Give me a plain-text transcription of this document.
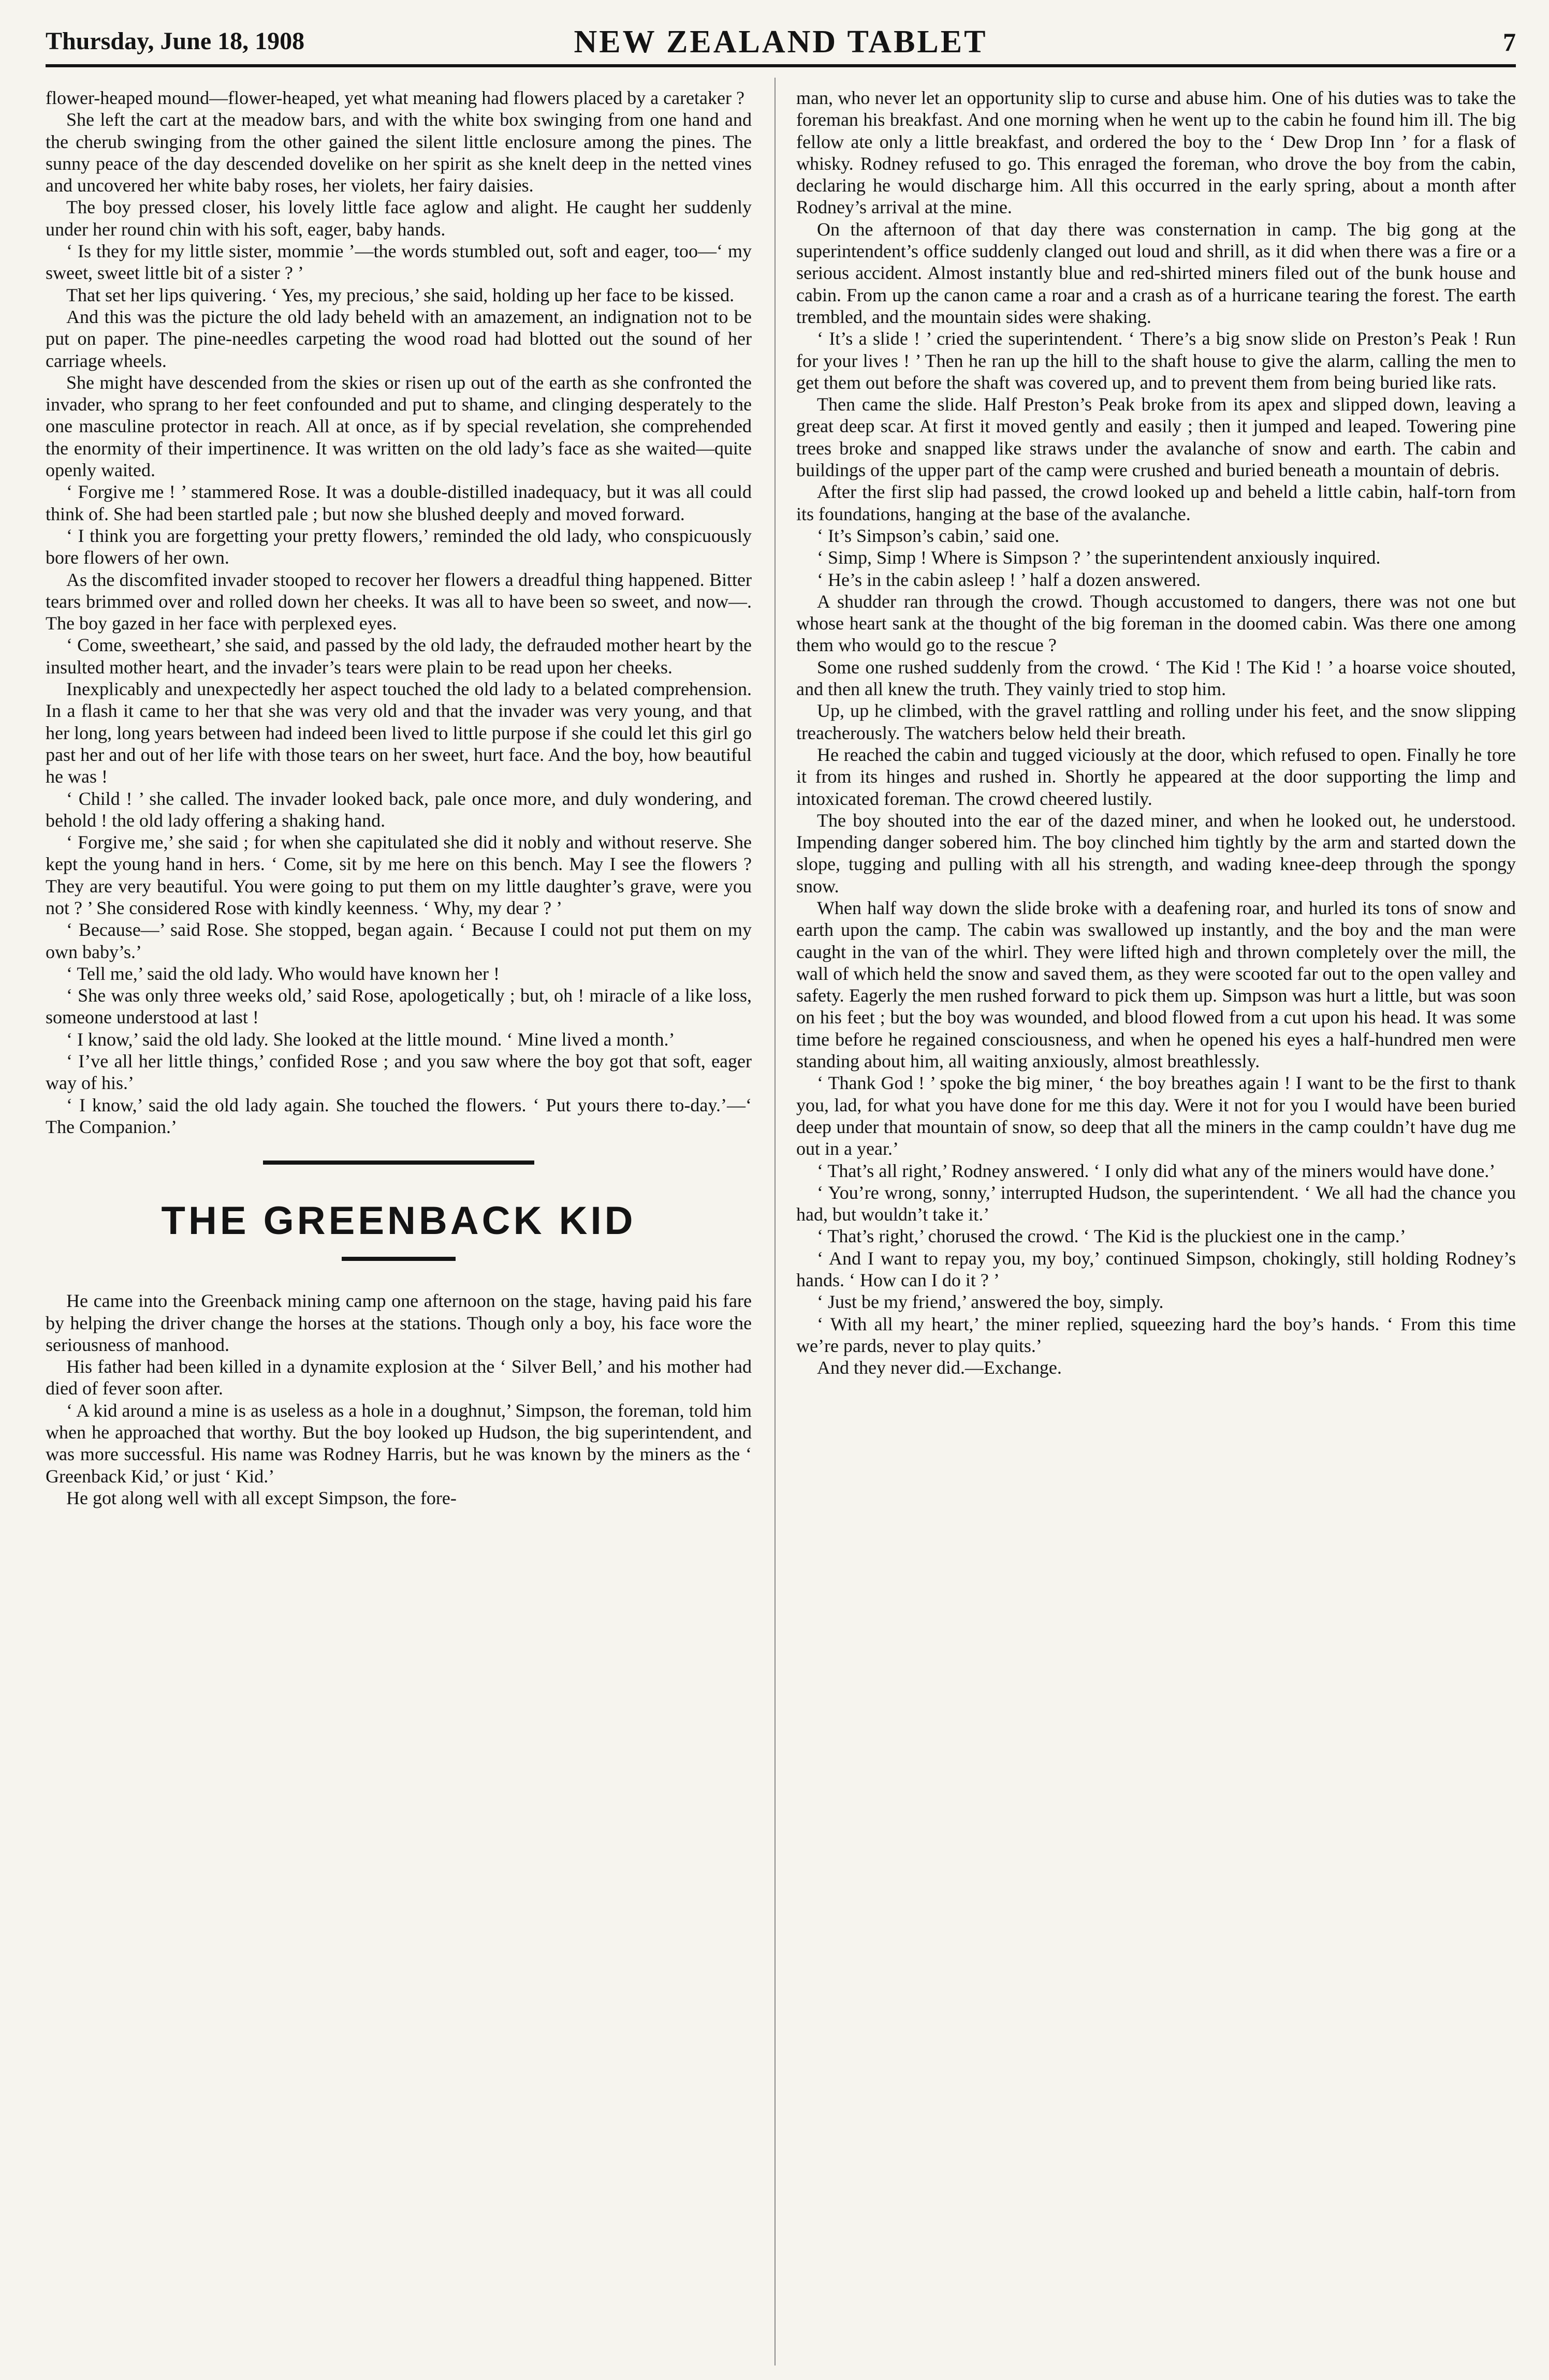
Thursday, June 18, 1908	NEW ZEALAND TABLET	7

flower-heaped mound—flower-heaped, yet what meaning had flowers placed by a caretaker ?

She left the cart at the meadow bars, and with the white box swinging from one hand and the cherub swinging from the other gained the silent little enclosure among the pines. The sunny peace of the day descended dovelike on her spirit as she knelt deep in the netted vines and uncovered her white baby roses, her violets, her fairy daisies.

The boy pressed closer, his lovely little face aglow and alight. He caught her suddenly under her round chin with his soft, eager, baby hands.

‘ Is they for my little sister, mommie ’—the words stumbled out, soft and eager, too—‘ my sweet, sweet little bit of a sister ? ’

That set her lips quivering. ‘ Yes, my precious,’ she said, holding up her face to be kissed.

And this was the picture the old lady beheld with an amazement, an indignation not to be put on paper. The pine-needles carpeting the wood road had blotted out the sound of her carriage wheels.

She might have descended from the skies or risen up out of the earth as she confronted the invader, who sprang to her feet confounded and put to shame, and clinging desperately to the one masculine protector in reach. All at once, as if by special revelation, she comprehended the enormity of their impertinence. It was written on the old lady’s face as she waited—quite openly waited.

‘ Forgive me ! ’ stammered Rose. It was a double-distilled inadequacy, but it was all could think of. She had been startled pale ; but now she blushed deeply and moved forward.

‘ I think you are forgetting your pretty flowers,’ reminded the old lady, who conspicuously bore flowers of her own.

As the discomfited invader stooped to recover her flowers a dreadful thing happened. Bitter tears brimmed over and rolled down her cheeks. It was all to have been so sweet, and now—. The boy gazed in her face with perplexed eyes.

‘ Come, sweetheart,’ she said, and passed by the old lady, the defrauded mother heart by the insulted mother heart, and the invader’s tears were plain to be read upon her cheeks.

Inexplicably and unexpectedly her aspect touched the old lady to a belated comprehension. In a flash it came to her that she was very old and that the invader was very young, and that her long, long years between had indeed been lived to little purpose if she could let this girl go past her and out of her life with those tears on her sweet, hurt face. And the boy, how beautiful he was !

‘ Child ! ’ she called. The invader looked back, pale once more, and duly wondering, and behold ! the old lady offering a shaking hand.

‘ Forgive me,’ she said ; for when she capitulated she did it nobly and without reserve. She kept the young hand in hers. ‘ Come, sit by me here on this bench. May I see the flowers ? They are very beautiful. You were going to put them on my little daughter’s grave, were you not ? ’ She considered Rose with kindly keenness. ‘ Why, my dear ? ’

‘ Because—’ said Rose. She stopped, began again. ‘ Because I could not put them on my own baby’s.’

‘ Tell me,’ said the old lady. Who would have known her !

‘ She was only three weeks old,’ said Rose, apologetically ; but, oh ! miracle of a like loss, someone understood at last !

‘ I know,’ said the old lady. She looked at the little mound. ‘ Mine lived a month.’

‘ I’ve all her little things,’ confided Rose ; and you saw where the boy got that soft, eager way of his.’

‘ I know,’ said the old lady again. She touched the flowers. ‘ Put yours there to-day.’—‘ The Companion.’

THE GREENBACK KID

He came into the Greenback mining camp one afternoon on the stage, having paid his fare by helping the driver change the horses at the stations. Though only a boy, his face wore the seriousness of manhood.

His father had been killed in a dynamite explosion at the ‘ Silver Bell,’ and his mother had died of fever soon after.

‘ A kid around a mine is as useless as a hole in a doughnut,’ Simpson, the foreman, told him when he approached that worthy. But the boy looked up Hudson, the big superintendent, and was more successful. His name was Rodney Harris, but he was known by the miners as the ‘ Greenback Kid,’ or just ‘ Kid.’

He got along well with all except Simpson, the fore-

man, who never let an opportunity slip to curse and abuse him. One of his duties was to take the foreman his breakfast. And one morning when he went up to the cabin he found him ill. The big fellow ate only a little breakfast, and ordered the boy to the ‘ Dew Drop Inn ’ for a flask of whisky. Rodney refused to go. This enraged the foreman, who drove the boy from the cabin, declaring he would discharge him. All this occurred in the early spring, about a month after Rodney’s arrival at the mine.

On the afternoon of that day there was consternation in camp. The big gong at the superintendent’s office suddenly clanged out loud and shrill, as it did when there was a fire or a serious accident. Almost instantly blue and red-shirted miners filed out of the bunk house and cabin. From up the canon came a roar and a crash as of a hurricane tearing the forest. The earth trembled, and the mountain sides were shaking.

‘ It’s a slide ! ’ cried the superintendent. ‘ There’s a big snow slide on Preston’s Peak ! Run for your lives ! ’ Then he ran up the hill to the shaft house to give the alarm, calling the men to get them out before the shaft was covered up, and to prevent them from being buried like rats.

Then came the slide. Half Preston’s Peak broke from its apex and slipped down, leaving a great deep scar. At first it moved gently and easily ; then it jumped and leaped. Towering pine trees broke and snapped like straws under the avalanche of snow and earth. The cabin and buildings of the upper part of the camp were crushed and buried beneath a mountain of debris.

After the first slip had passed, the crowd looked up and beheld a little cabin, half-torn from its foundations, hanging at the base of the avalanche.

‘ It’s Simpson’s cabin,’ said one.

‘ Simp, Simp ! Where is Simpson ? ’ the superintendent anxiously inquired.

‘ He’s in the cabin asleep ! ’ half a dozen answered.

A shudder ran through the crowd. Though accustomed to dangers, there was not one but whose heart sank at the thought of the big foreman in the doomed cabin. Was there one among them who would go to the rescue ?

Some one rushed suddenly from the crowd. ‘ The Kid ! The Kid ! ’ a hoarse voice shouted, and then all knew the truth. They vainly tried to stop him.

Up, up he climbed, with the gravel rattling and rolling under his feet, and the snow slipping treacherously. The watchers below held their breath.

He reached the cabin and tugged viciously at the door, which refused to open. Finally he tore it from its hinges and rushed in. Shortly he appeared at the door supporting the limp and intoxicated foreman. The crowd cheered lustily.

The boy shouted into the ear of the dazed miner, and when he looked out, he understood. Impending danger sobered him. The boy clinched him tightly by the arm and started down the slope, tugging and pulling with all his strength, and wading knee-deep through the spongy snow.

When half way down the slide broke with a deafening roar, and hurled its tons of snow and earth upon the camp. The cabin was swallowed up instantly, and the boy and the man were caught in the van of the whirl. They were lifted high and thrown completely over the mill, the wall of which held the snow and saved them, as they were scooted far out to the open valley and safety. Eagerly the men rushed forward to pick them up. Simpson was hurt a little, but was soon on his feet ; but the boy was wounded, and blood flowed from a cut upon his head. It was some time before he regained consciousness, and when he opened his eyes a half-hundred men were standing about him, all waiting anxiously, almost breathlessly.

‘ Thank God ! ’ spoke the big miner, ‘ the boy breathes again ! I want to be the first to thank you, lad, for what you have done for me this day. Were it not for you I would have been buried deep under that mountain of snow, so deep that all the miners in the camp couldn’t have dug me out in a year.’

‘ That’s all right,’ Rodney answered. ‘ I only did what any of the miners would have done.’

‘ You’re wrong, sonny,’ interrupted Hudson, the superintendent. ‘ We all had the chance you had, but wouldn’t take it.’

‘ That’s right,’ chorused the crowd. ‘ The Kid is the pluckiest one in the camp.’

‘ And I want to repay you, my boy,’ continued Simpson, chokingly, still holding Rodney’s hands. ‘ How can I do it ? ’

‘ Just be my friend,’ answered the boy, simply.

‘ With all my heart,’ the miner replied, squeezing hard the boy’s hands. ‘ From this time we’re pards, never to play quits.’

And they never did.—Exchange.
